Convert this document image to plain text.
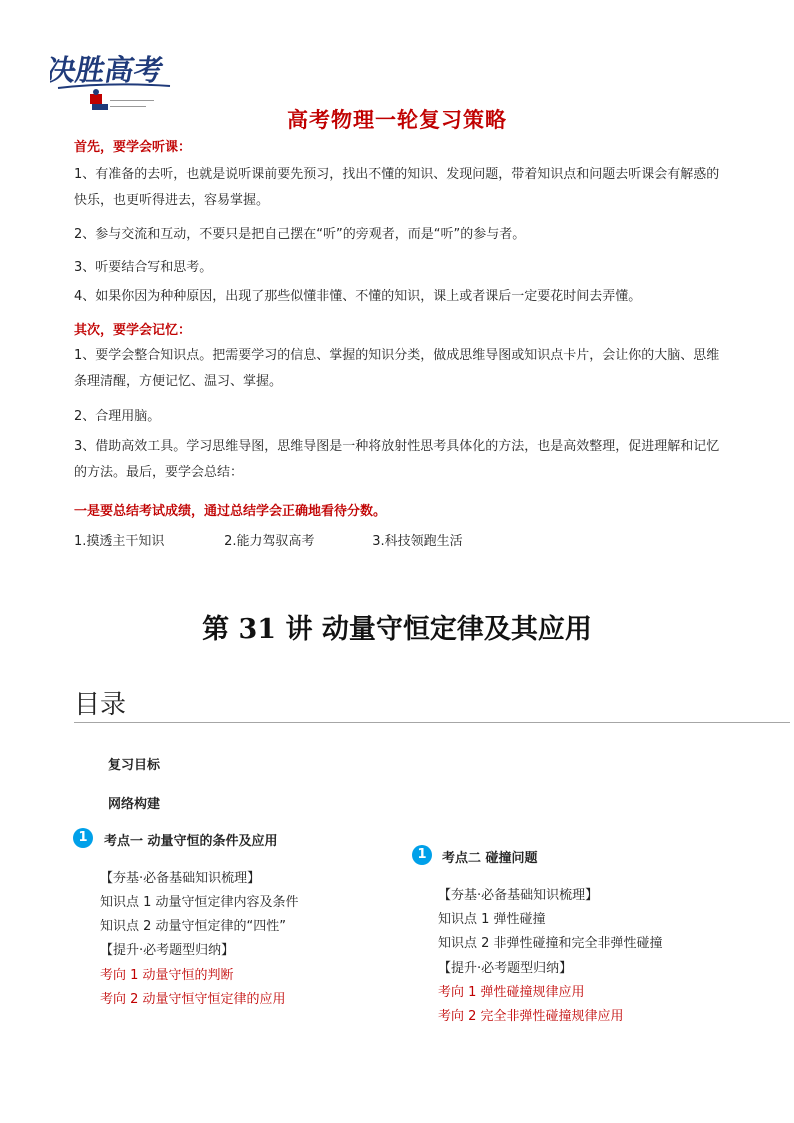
决胜高考
高考物理一轮复习策略
首先，要学会听课：
1、有准备的去听，也就是说听课前要先预习，找出不懂的知识、发现问题，带着知识点和问题去听课会有解惑的快乐，也更听得进去，容易掌握。
2、参与交流和互动，不要只是把自己摆在“听”的旁观者，而是“听”的参与者。
3、听要结合写和思考。
4、如果你因为种种原因，出现了那些似懂非懂、不懂的知识，课上或者课后一定要花时间去弄懂。
其次，要学会记忆：
1、要学会整合知识点。把需要学习的信息、掌握的知识分类，做成思维导图或知识点卡片，会让你的大脑、思维条理清醒，方便记忆、温习、掌握。
2、合理用脑。
3、借助高效工具。学习思维导图，思维导图是一种将放射性思考具体化的方法，也是高效整理，促进理解和记忆的方法。最后，要学会总结：
一是要总结考试成绩，通过总结学会正确地看待分数。
1.摸透主干知识	2.能力驾驭高考	3.科技领跑生活
第 31 讲 动量守恒定律及其应用
目录
复习目标
网络构建
1	考点一 动量守恒的条件及应用
【夯基·必备基础知识梳理】
知识点 1 动量守恒定律内容及条件
知识点 2 动量守恒定律的“四性”
【提升·必考题型归纳】
考向 1 动量守恒的判断
考向 2 动量守恒守恒定律的应用
1	考点二 碰撞问题
【夯基·必备基础知识梳理】
知识点 1 弹性碰撞
知识点 2 非弹性碰撞和完全非弹性碰撞
【提升·必考题型归纳】
考向 1 弹性碰撞规律应用
考向 2 完全非弹性碰撞规律应用
